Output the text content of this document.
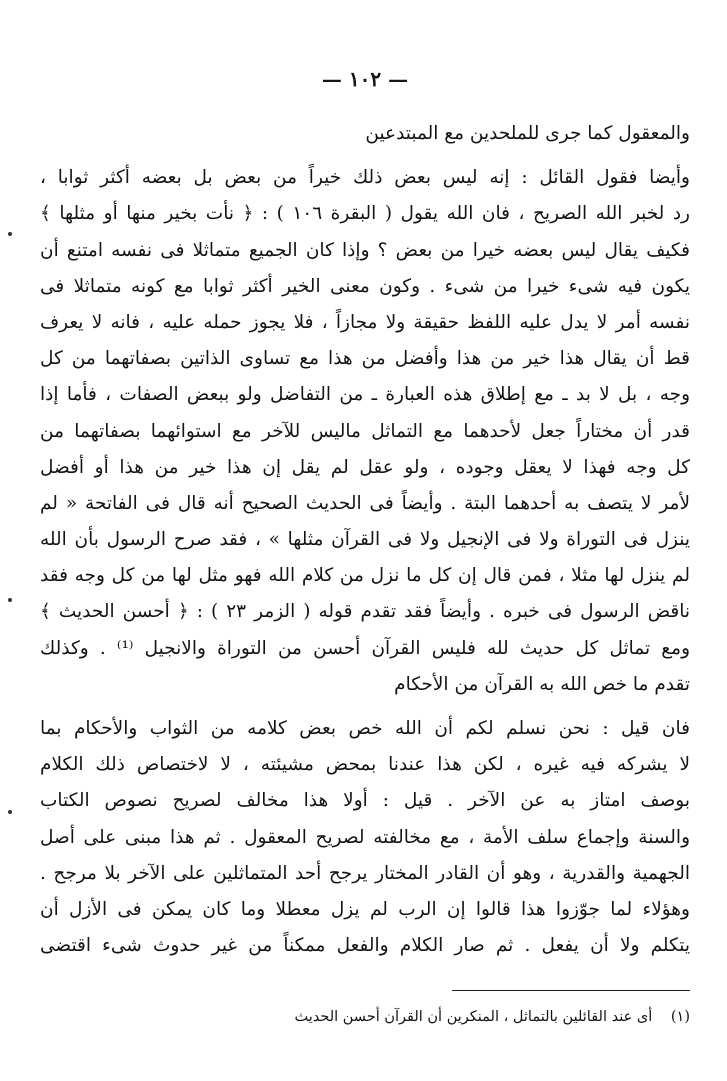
— ١٠٢ —
والمعقول كما جرى للملحدين مع المبتدعين
وأيضا فقول القائل : إنه ليس بعض ذلك خيراً من بعض بل بعضه أكثر ثوابا ،
رد لخبر الله الصريح ، فان الله يقول ( البقرة ١٠٦ ) : ﴿ نأت بخير منها أو مثلها ﴾
فكيف يقال ليس بعضه خيرا من بعض ؟ وإذا كان الجميع متماثلا فى نفسه امتنع أن
يكون فيه شىء خيرا من شىء . وكون معنى الخير أكثر ثوابا مع كونه متماثلا فى
نفسه أمر لا يدل عليه اللفظ حقيقة ولا مجازاً ، فلا يجوز حمله عليه ، فانه لا يعرف
قط أن يقال هذا خير من هذا وأفضل من هذا مع تساوى الذاتين بصفاتهما من كل
وجه ، بل لا بد ـ مع إطلاق هذه العبارة ـ من التفاضل ولو ببعض الصفات ، فأما إذا
قدر أن مختاراً جعل لأحدهما مع التماثل ماليس للآخر مع استوائهما بصفاتهما من
كل وجه فهذا لا يعقل وجوده ، ولو عقل لم يقل إن هذا خير من هذا أو أفضل
لأمر لا يتصف به أحدهما البتة . وأيضاً فى الحديث الصحيح أنه قال فى الفاتحة « لم
ينزل فى التوراة ولا فى الإنجيل ولا فى القرآن مثلها » ، فقد صرح الرسول بأن الله
لم ينزل لها مثلا ، فمن قال إن كل ما نزل من كلام الله فهو مثل لها من كل وجه فقد
ناقض الرسول فى خبره . وأيضاً فقد تقدم قوله ( الزمر ٢٣ ) : ﴿ أحسن الحديث ﴾
ومع تماثل كل حديث لله فليس القرآن أحسن من التوراة والانجيل ⁽¹⁾ . وكذلك
تقدم ما خص الله به القرآن من الأحكام
فان قيل : نحن نسلم لكم أن الله خص بعض كلامه من الثواب والأحكام بما
لا يشركه فيه غيره ، لكن هذا عندنا بمحض مشيئته ، لا لاختصاص ذلك الكلام
بوصف امتاز به عن الآخر . قيل : أولا هذا مخالف لصريح نصوص الكتاب
والسنة وإجماع سلف الأمة ، مع مخالفته لصريح المعقول . ثم هذا مبنى على أصل
الجهمية والقدرية ، وهو أن القادر المختار يرجح أحد المتماثلين على الآخر بلا مرجح .
وهؤلاء لما جوّزوا هذا قالوا إن الرب لم يزل معطلا وما كان يمكن فى الأزل أن
يتكلم ولا أن يفعل . ثم صار الكلام والفعل ممكناً من غير حدوث شىء اقتضى
(١) أى عند القائلين بالتماثل ، المنكرين أن القرآن أحسن الحديث
